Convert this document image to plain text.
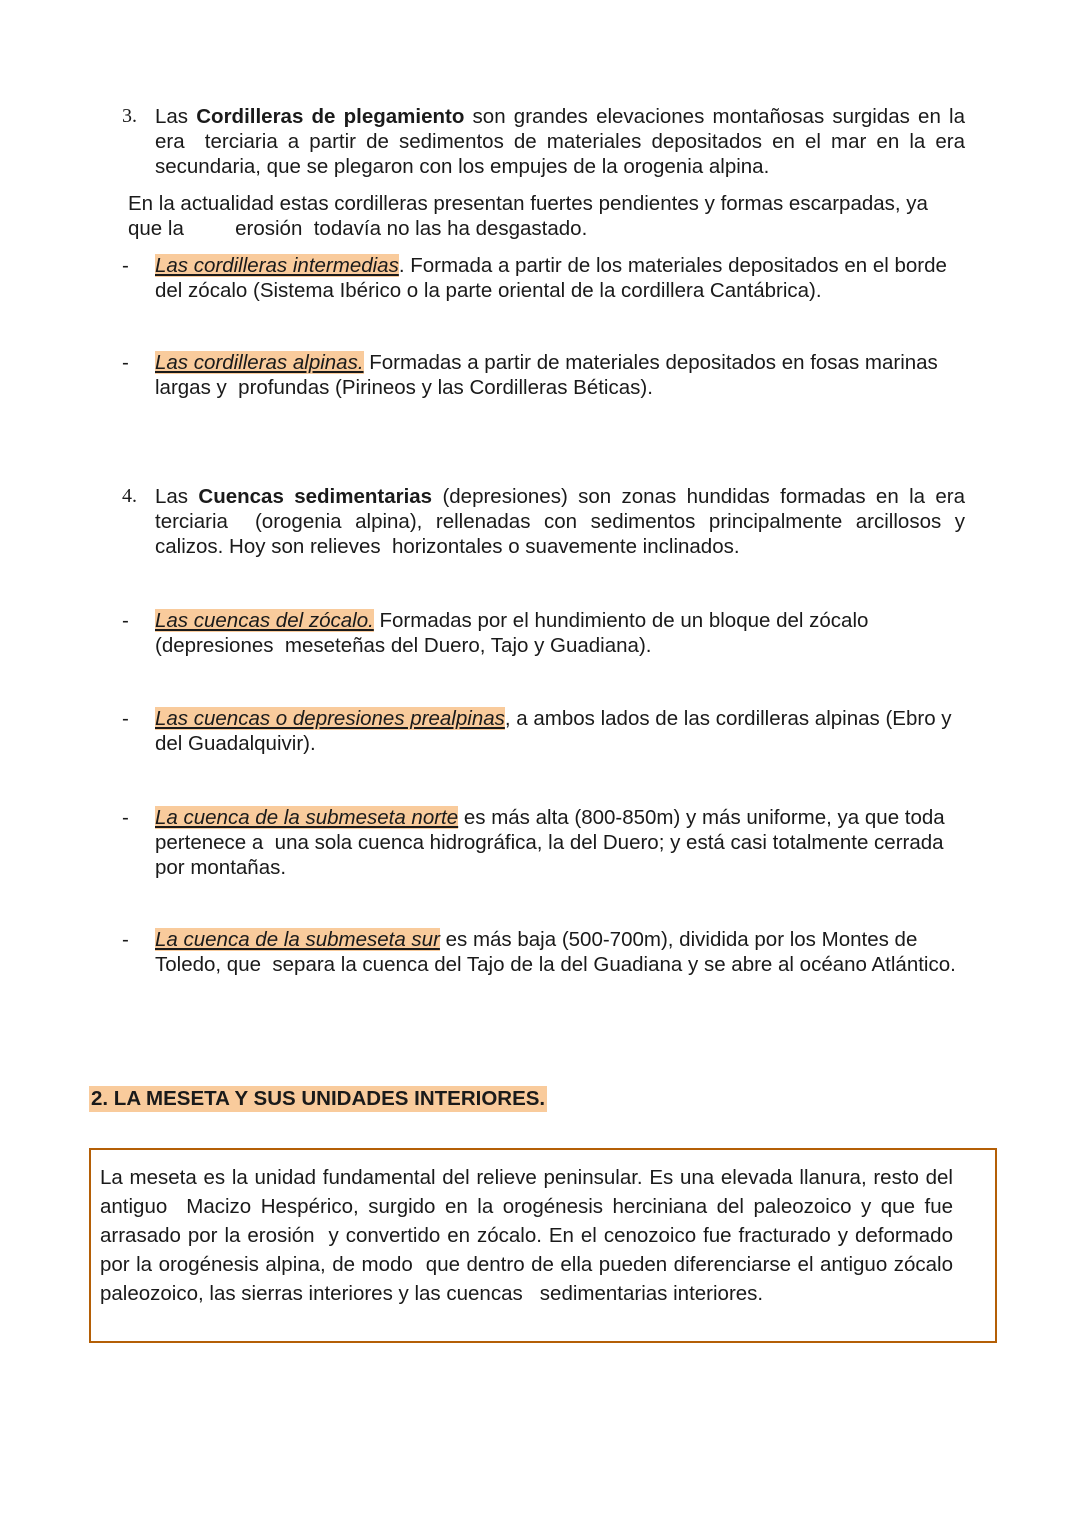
3. Las Cordilleras de plegamiento son grandes elevaciones montañosas surgidas en la era  terciaria a partir de sedimentos de materiales depositados en el mar en la era secundaria, que se plegaron con los empujes de la orogenia alpina.
En la actualidad estas cordilleras presentan fuertes pendientes y formas escarpadas, ya que la         erosión  todavía no las ha desgastado.
- Las cordilleras intermedias. Formada a partir de los materiales depositados en el borde del zócalo (Sistema Ibérico o la parte oriental de la cordillera Cantábrica).
- Las cordilleras alpinas. Formadas a partir de materiales depositados en fosas marinas largas y  profundas (Pirineos y las Cordilleras Béticas).
4. Las Cuencas sedimentarias (depresiones) son zonas hundidas formadas en la era terciaria  (orogenia alpina), rellenadas con sedimentos principalmente arcillosos y calizos. Hoy son relieves  horizontales o suavemente inclinados.
- Las cuencas del zócalo. Formadas por el hundimiento de un bloque del zócalo (depresiones  meseteñas del Duero, Tajo y Guadiana).
- Las cuencas o depresiones prealpinas, a ambos lados de las cordilleras alpinas (Ebro y  del Guadalquivir).
- La cuenca de la submeseta norte es más alta (800-850m) y más uniforme, ya que toda pertenece a  una sola cuenca hidrográfica, la del Duero; y está casi totalmente cerrada por montañas.
- La cuenca de la submeseta sur es más baja (500-700m), dividida por los Montes de Toledo, que  separa la cuenca del Tajo de la del Guadiana y se abre al océano Atlántico.
2. LA MESETA Y SUS UNIDADES INTERIORES.
La meseta es la unidad fundamental del relieve peninsular. Es una elevada llanura, resto del antiguo  Macizo Hespérico, surgido en la orogénesis herciniana del paleozoico y que fue arrasado por la erosión  y convertido en zócalo. En el cenozoico fue fracturado y deformado por la orogénesis alpina, de modo  que dentro de ella pueden diferenciarse el antiguo zócalo paleozoico, las sierras interiores y las cuencas   sedimentarias interiores.
